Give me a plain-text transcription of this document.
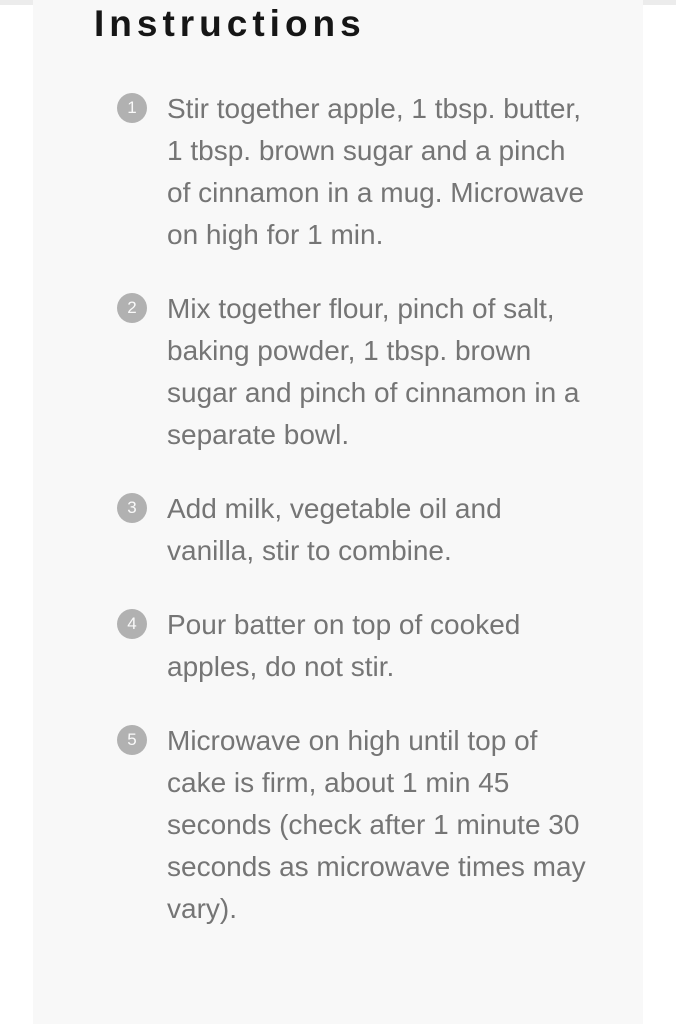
Instructions
1	Stir together apple, 1 tbsp. butter, 1 tbsp. brown sugar and a pinch of cinnamon in a mug. Microwave on high for 1 min.
2	Mix together flour, pinch of salt, baking powder, 1 tbsp. brown sugar and pinch of cinnamon in a separate bowl.
3	Add milk, vegetable oil and vanilla, stir to combine.
4	Pour batter on top of cooked apples, do not stir.
5	Microwave on high until top of cake is firm, about 1 min 45 seconds (check after 1 minute 30 seconds as microwave times may vary).
